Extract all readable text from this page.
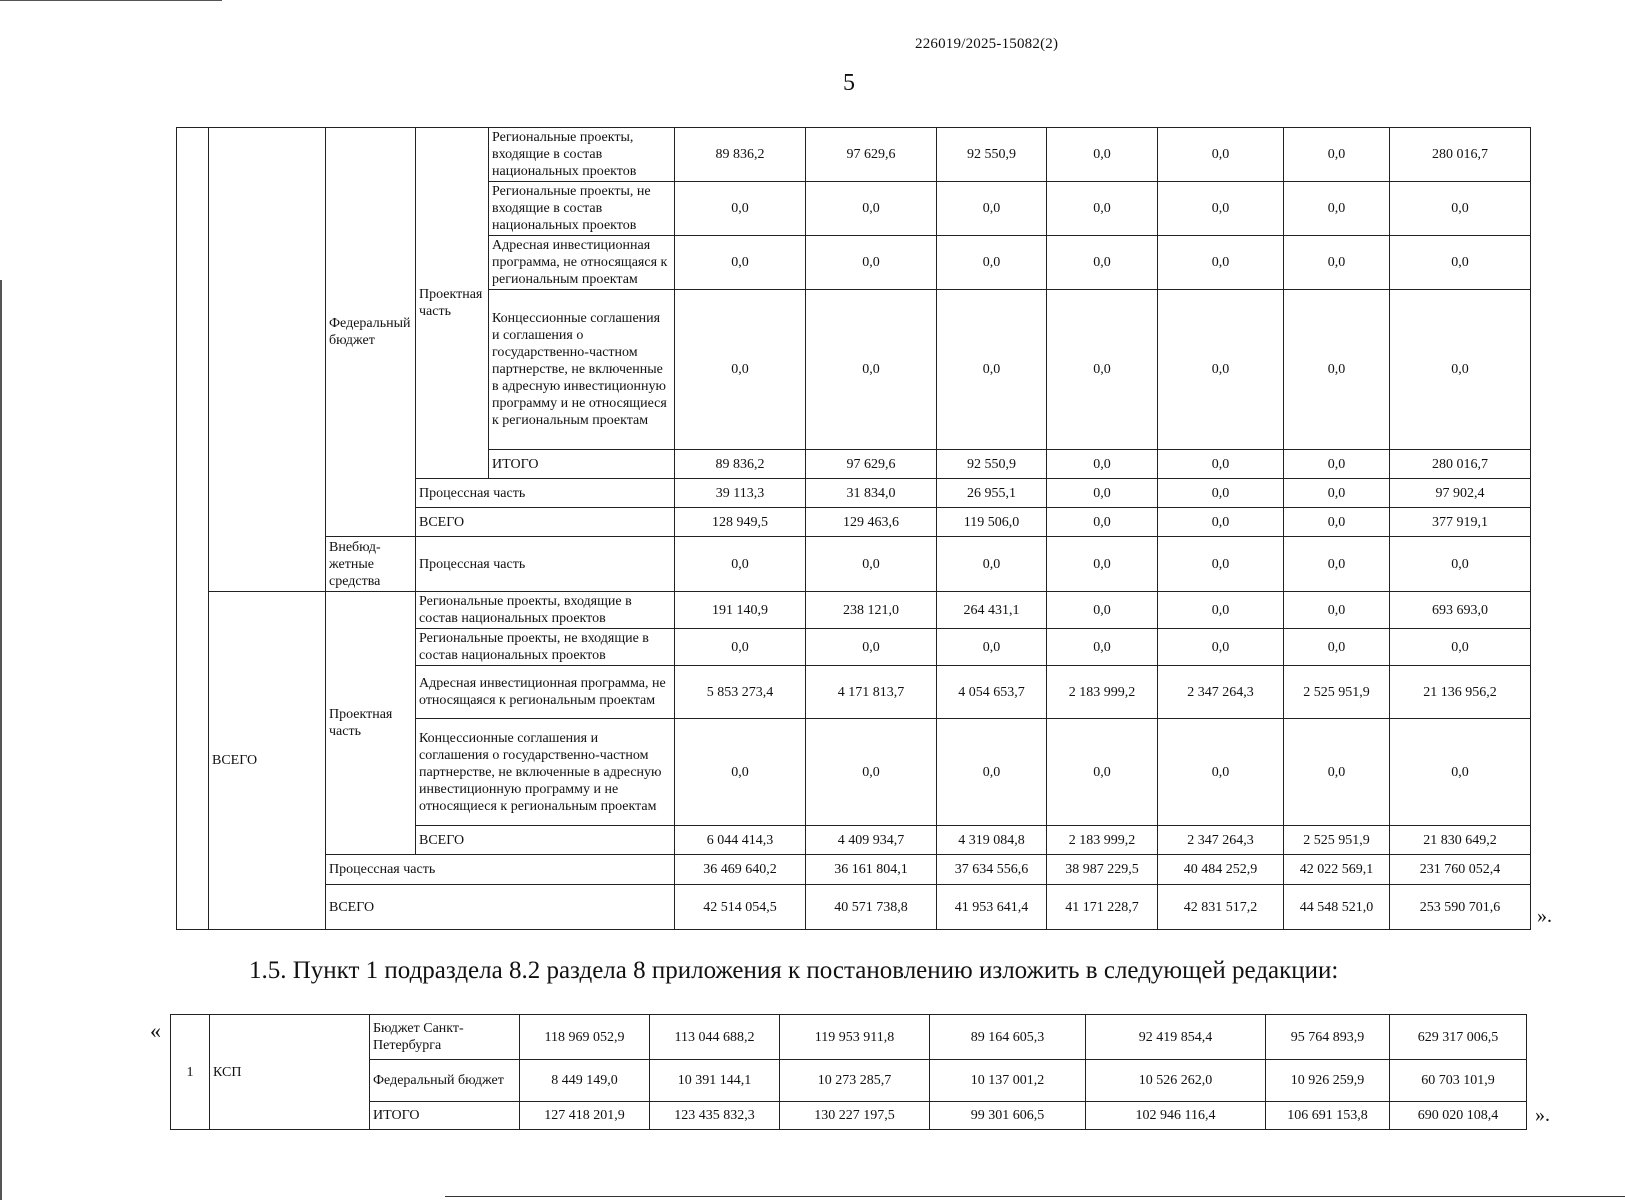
226019/2025-15082(2)
5
		Федеральный бюджет	Проектная часть	Региональные проекты, входящие в состав национальных проектов	89 836,2	97 629,6	92 550,9	0,0	0,0	0,0	280 016,7
				Региональные проекты, не входящие в состав национальных проектов	0,0	0,0	0,0	0,0	0,0	0,0	0,0
				Адресная инвестиционная программа, не относящаяся к региональным проектам	0,0	0,0	0,0	0,0	0,0	0,0	0,0
				Концессионные соглашения и соглашения о государственно-частном партнерстве, не включенные в адресную инвестиционную программу и не относящиеся к региональным проектам	0,0	0,0	0,0	0,0	0,0	0,0	0,0
				ИТОГО	89 836,2	97 629,6	92 550,9	0,0	0,0	0,0	280 016,7
			Процессная часть		39 113,3	31 834,0	26 955,1	0,0	0,0	0,0	97 902,4
			ВСЕГО		128 949,5	129 463,6	119 506,0	0,0	0,0	0,0	377 919,1
		Внебюд-жетные средства	Процессная часть		0,0	0,0	0,0	0,0	0,0	0,0	0,0
	ВСЕГО	Проектная часть	Региональные проекты, входящие в состав национальных проектов		191 140,9	238 121,0	264 431,1	0,0	0,0	0,0	693 693,0
			Региональные проекты, не входящие в состав национальных проектов		0,0	0,0	0,0	0,0	0,0	0,0	0,0
			Адресная инвестиционная программа, не относящаяся к региональным проектам		5 853 273,4	4 171 813,7	4 054 653,7	2 183 999,2	2 347 264,3	2 525 951,9	21 136 956,2
			Концессионные соглашения и соглашения о государственно-частном партнерстве, не включенные в адресную инвестиционную программу и не относящиеся к региональным проектам		0,0	0,0	0,0	0,0	0,0	0,0	0,0
			ВСЕГО		6 044 414,3	4 409 934,7	4 319 084,8	2 183 999,2	2 347 264,3	2 525 951,9	21 830 649,2
		Процессная часть			36 469 640,2	36 161 804,1	37 634 556,6	38 987 229,5	40 484 252,9	42 022 569,1	231 760 052,4
		ВСЕГО			42 514 054,5	40 571 738,8	41 953 641,4	41 171 228,7	42 831 517,2	44 548 521,0	253 590 701,6 ».
1.5. Пункт 1 подраздела 8.2 раздела 8 приложения к постановлению изложить в следующей редакции:
«
1	КСП	Бюджет Санкт-Петербурга	118 969 052,9	113 044 688,2	119 953 911,8	89 164 605,3	92 419 854,4	95 764 893,9	629 317 006,5
		Федеральный бюджет	8 449 149,0	10 391 144,1	10 273 285,7	10 137 001,2	10 526 262,0	10 926 259,9	60 703 101,9
		ИТОГО	127 418 201,9	123 435 832,3	130 227 197,5	99 301 606,5	102 946 116,4	106 691 153,8	690 020 108,4 ».
